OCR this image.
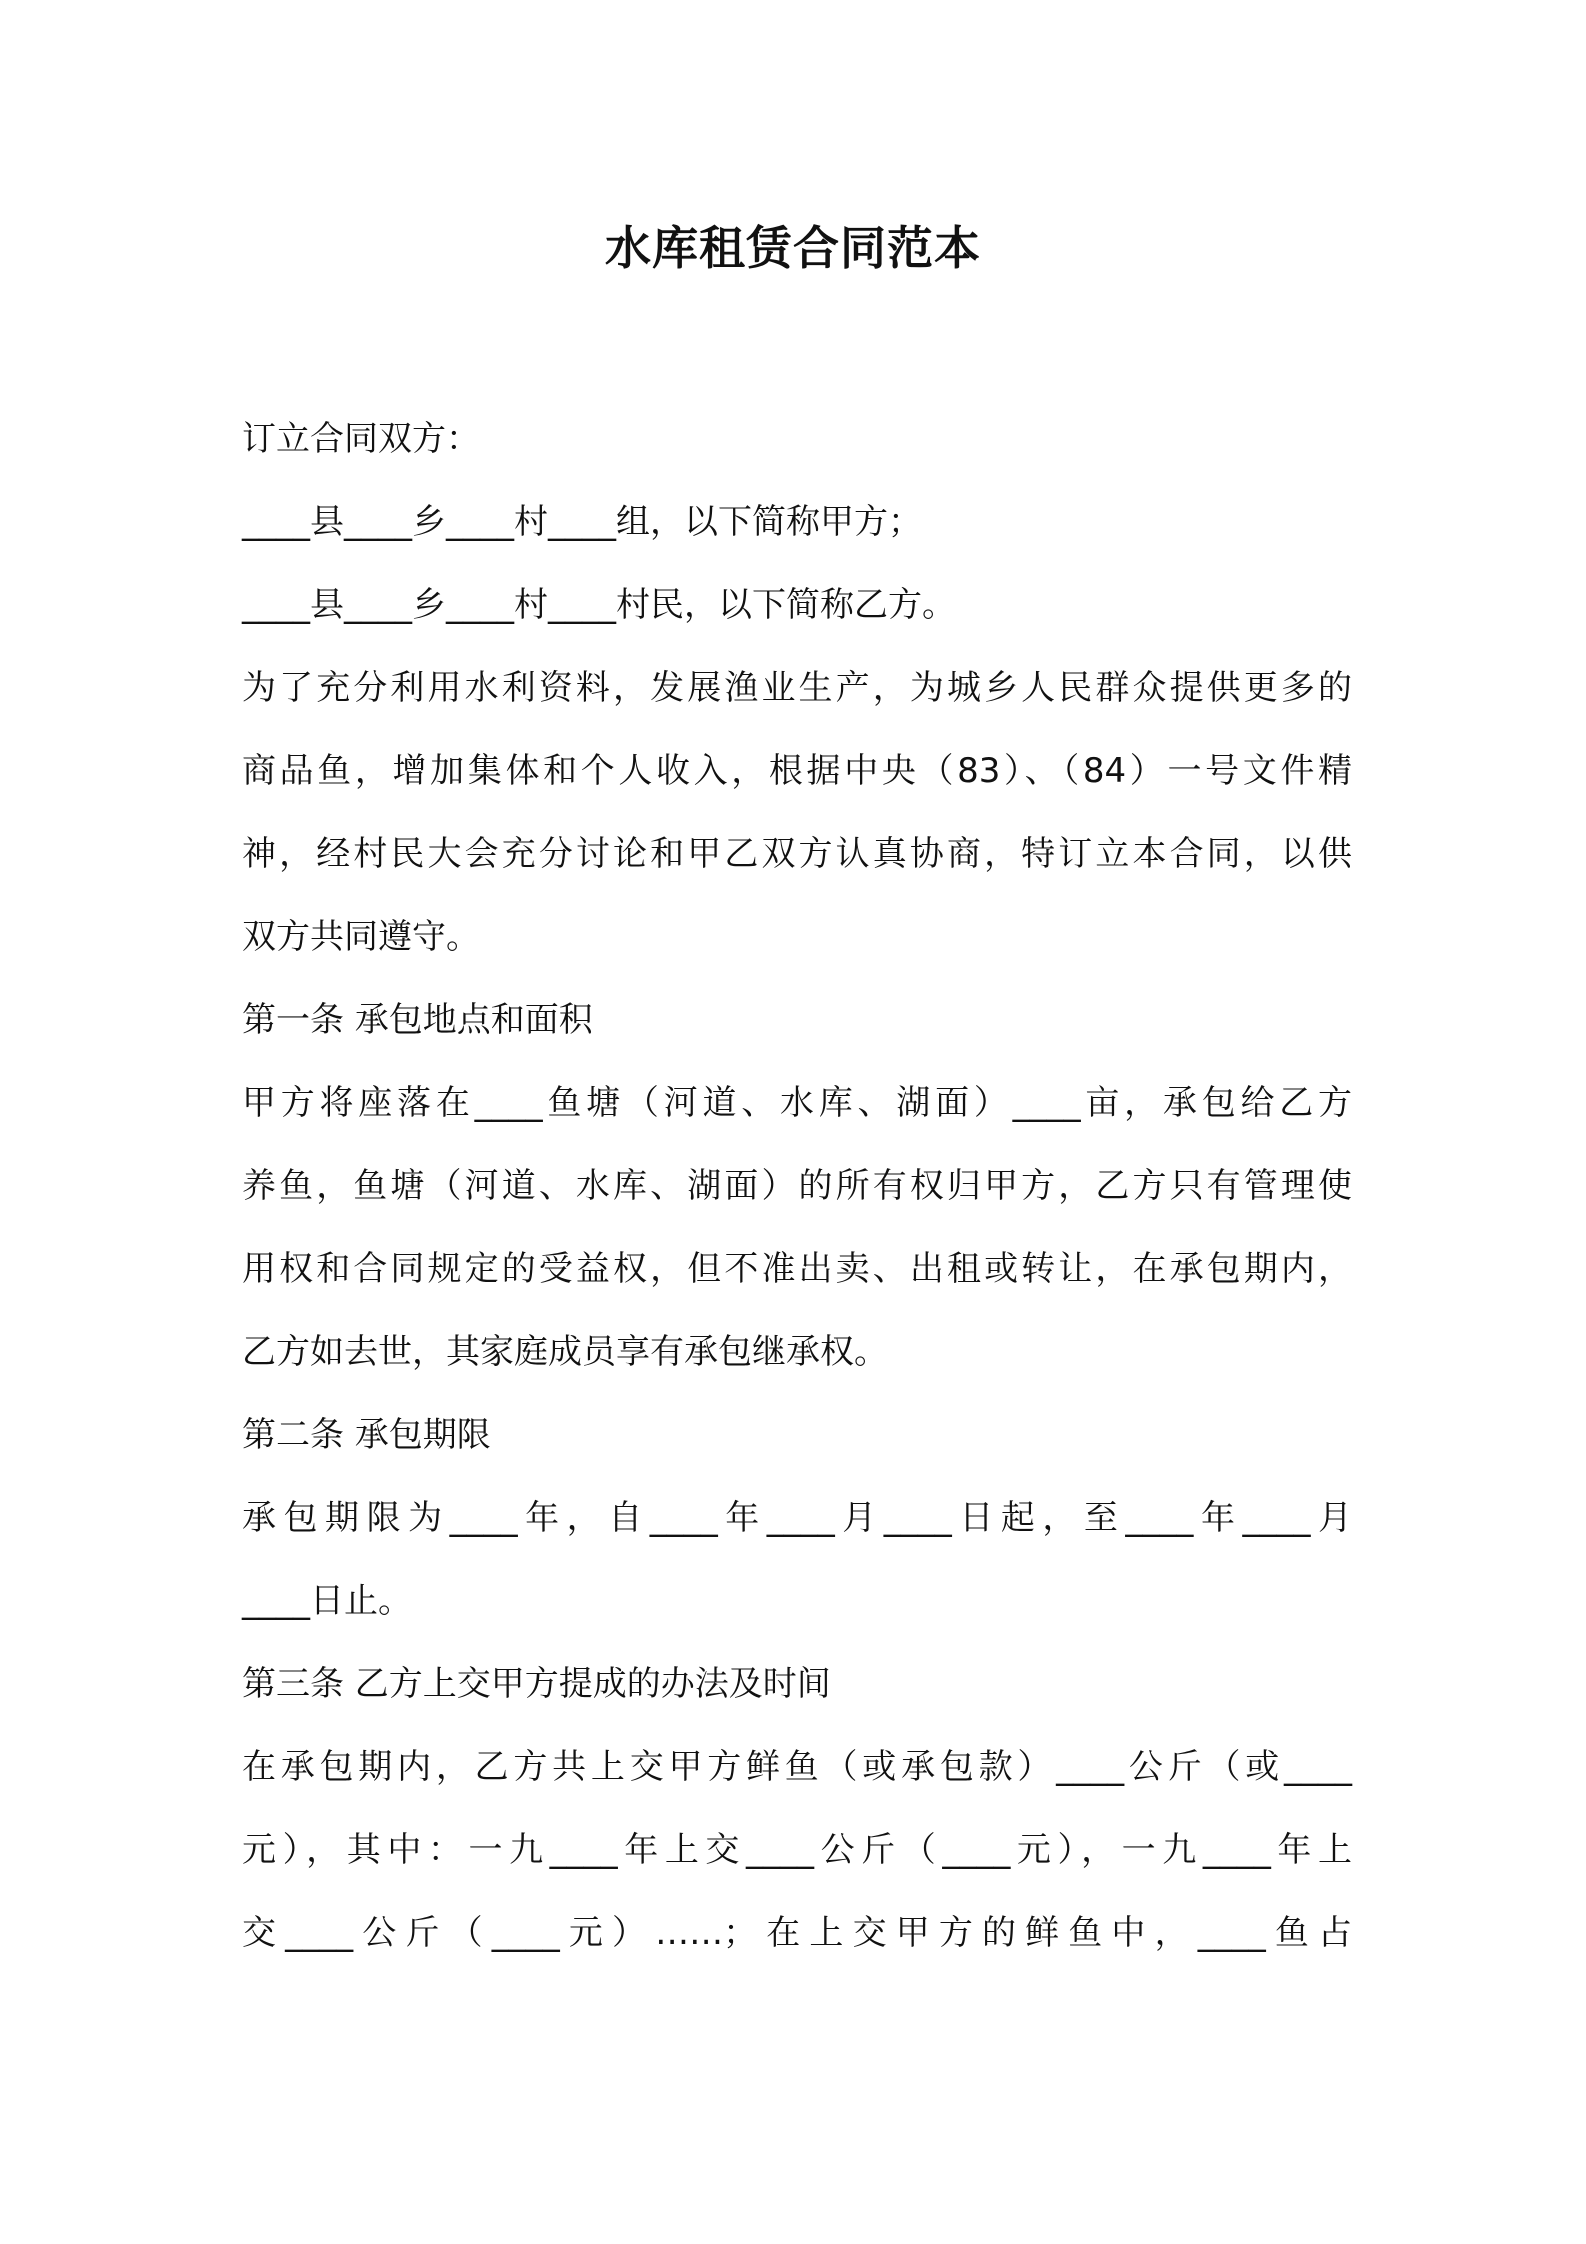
水库租赁合同范本
订立合同双方：
____县____乡____村____组，以下简称甲方；
____县____乡____村____村民，以下简称乙方。
为了充分利用水利资料，发展渔业生产，为城乡人民群众提供更多的
商品鱼，增加集体和个人收入，根据中央（83）、（84）一号文件精
神，经村民大会充分讨论和甲乙双方认真协商，特订立本合同，以供
双方共同遵守。
第一条 承包地点和面积
甲方将座落在____鱼塘（河道、水库、湖面）____亩，承包给乙方
养鱼，鱼塘（河道、水库、湖面）的所有权归甲方，乙方只有管理使
用权和合同规定的受益权，但不准出卖、出租或转让，在承包期内，
乙方如去世，其家庭成员享有承包继承权。
第二条 承包期限
承包期限为____年，自____年____月____日起，至____年____月
____日止。
第三条 乙方上交甲方提成的办法及时间
在承包期内，乙方共上交甲方鲜鱼（或承包款）____公斤（或____
元），其中：一九____年上交____公斤（____元），一九____年上
交____公斤（____元）……；在上交甲方的鲜鱼中，____鱼占
